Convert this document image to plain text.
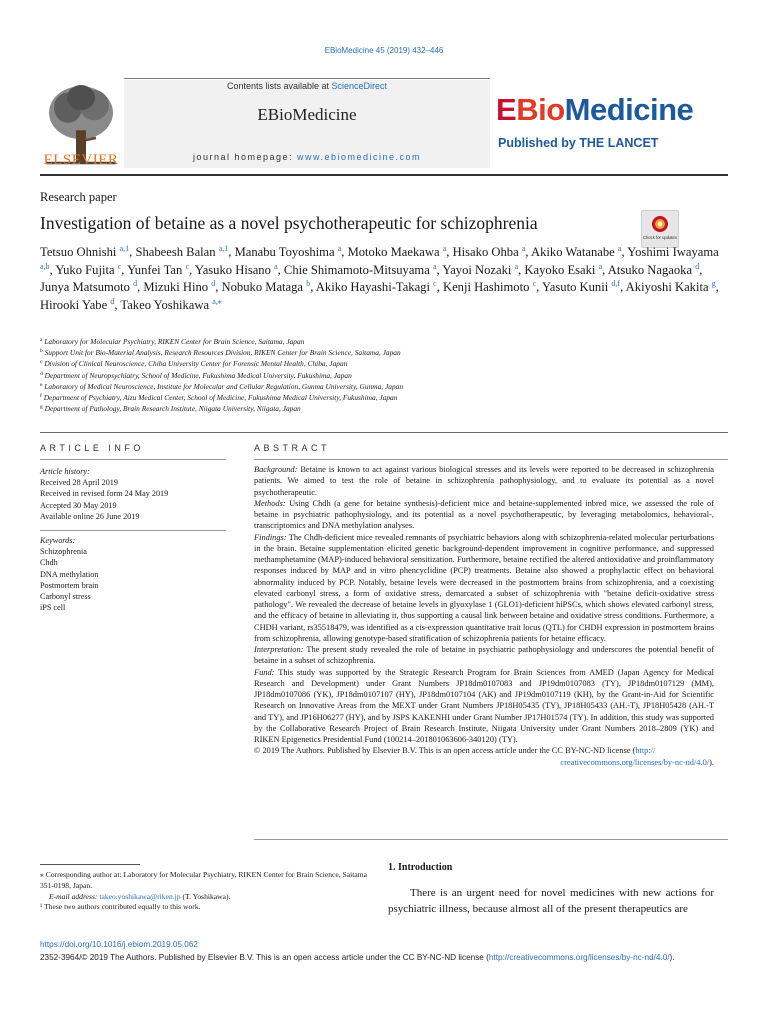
EBioMedicine 45 (2019) 432–446
ELSEVIER
Contents lists available at ScienceDirect
EBioMedicine
journal homepage: www.ebiomedicine.com
EBioMedicine
Published by THE LANCET
Research paper
Investigation of betaine as a novel psychotherapeutic for schizophrenia
Check for updates
Tetsuo Ohnishi $^{a,1}$, Shabeesh Balan $^{a,1}$, Manabu Toyoshima $^a$, Motoko Maekawa $^a$, Hisako Ohba $^a$, Akiko Watanabe $^a$, Yoshimi Iwayama $^{a,b}$, Yuko Fujita $^c$, Yunfei Tan $^c$, Yasuko Hisano $^a$, Chie Shimamoto-Mitsuyama $^a$, Yayoi Nozaki $^a$, Kayoko Esaki $^a$, Atsuko Nagaoka $^d$, Junya Matsumoto $^d$, Mizuki Hino $^d$, Nobuko Mataga $^b$, Akiko Hayashi-Takagi $^c$, Kenji Hashimoto $^c$, Yasuto Kunii $^{d,f}$, Akiyoshi Kakita $^g$, Hirooki Yabe $^d$, Takeo Yoshikawa $^{a,⁎}$
$^a$ Laboratory for Molecular Psychiatry, RIKEN Center for Brain Science, Saitama, Japan
$^b$ Support Unit for Bio-Material Analysis, Research Resources Division, RIKEN Center for Brain Science, Saitama, Japan
$^c$ Division of Clinical Neuroscience, Chiba University Center for Forensic Mental Health, Chiba, Japan
$^d$ Department of Neuropsychiatry, School of Medicine, Fukushima Medical University, Fukushima, Japan
$^e$ Laboratory of Medical Neuroscience, Institute for Molecular and Cellular Regulation, Gunma University, Gunma, Japan
$^f$ Department of Psychiatry, Aizu Medical Center, School of Medicine, Fukushima Medical University, Fukushima, Japan
$^g$ Department of Pathology, Brain Research Institute, Niigata University, Niigata, Japan
ARTICLE INFO	ABSTRACT
Article history:
Received 28 April 2019
Received in revised form 24 May 2019
Accepted 30 May 2019
Available online 26 June 2019
Keywords:
Schizophrenia
Chdh
DNA methylation
Postmortem brain
Carbonyl stress
iPS cell

Background: Betaine is known to act against various biological stresses and its levels were reported to be decreased in schizophrenia patients. We aimed to test the role of betaine in schizophrenia pathophysiology, and to evaluate its potential as a novel psychotherapeutic.

Methods: Using Chdh (a gene for betaine synthesis)-deficient mice and betaine-supplemented inbred mice, we assessed the role of betaine in psychiatric pathophysiology, and its potential as a novel psychotherapeutic, by leveraging metabolomics, behavioral-, transcriptomics and DNA methylation analyses.

Findings: The Chdh-deficient mice revealed remnants of psychiatric behaviors along with schizophrenia-related molecular perturbations in the brain. Betaine supplementation elicited genetic background-dependent improvement in cognitive performance, and suppressed methamphetamine (MAP)-induced behavioral sensitization. Furthermore, betaine rectified the altered antioxidative and proinflammatory responses induced by MAP and in vitro phencyclidine (PCP) treatments. Betaine also showed a prophylactic effect on behavioral abnormality induced by PCP. Notably, betaine levels were decreased in the postmortem brains from schizophrenia, and a coexisting elevated carbonyl stress, a form of oxidative stress, demarcated a subset of schizophrenia with "betaine deficit-oxidative stress pathology". We revealed the decrease of betaine levels in glyoxylase 1 (GLO1)-deficient hiPSCs, which shows elevated carbonyl stress, and the efficacy of betaine in alleviating it, thus supporting a causal link between betaine and oxidative stress conditions. Furthermore, a CHDH variant, rs35518479, was identified as a cis-expression quantitative trait locus (QTL) for CHDH expression in postmortem brains from schizophrenia, allowing genotype-based stratification of schizophrenia patients for betaine efficacy.

Interpretation: The present study revealed the role of betaine in psychiatric pathophysiology and underscores the potential benefit of betaine in a subset of schizophrenia.

Fund: This study was supported by the Strategic Research Program for Brain Sciences from AMED (Japan Agency for Medical Research and Development) under Grant Numbers JP18dm0107083 and JP19dm0107083 (TY), JP18dm0107129 (MM), JP18dm0107086 (YK), JP18dm0107107 (HY), JP18dm0107104 (AK) and JP19dm0107119 (KH), by the Grant-in-Aid for Scientific Research on Innovative Areas from the MEXT under Grant Numbers JP18H05435 (TY), JP18H05433 (AH.-T), JP18H05428 (AH.-T and TY), and JP16H06277 (HY), and by JSPS KAKENHI under Grant Number JP17H01574 (TY). In addition, this study was supported by the Collaborative Research Project of Brain Research Institute, Niigata University under Grant Numbers 2018–2809 (YK) and RIKEN Epigenetics Presidential Fund (100214–201801063606-340120) (TY).

© 2019 The Authors. Published by Elsevier B.V. This is an open access article under the CC BY-NC-ND license (http://

creativecommons.org/licenses/by-nc-nd/4.0/).

⁎ Corresponding author at: Laboratory for Molecular Psychiatry, RIKEN Center for Brain Science, Saitama 351-0198, Japan.
E-mail address: takeo.yoshikawa@riken.jp (T. Yoshikawa).
¹ These two authors contributed equally to this work.
1. Introduction
  There is an urgent need for novel medicines with new actions for psychiatric illness, because almost all of the present therapeutics are
https://doi.org/10.1016/j.ebiom.2019.05.062
2352-3964/© 2019 The Authors. Published by Elsevier B.V. This is an open access article under the CC BY-NC-ND license (http://creativecommons.org/licenses/by-nc-nd/4.0/).
